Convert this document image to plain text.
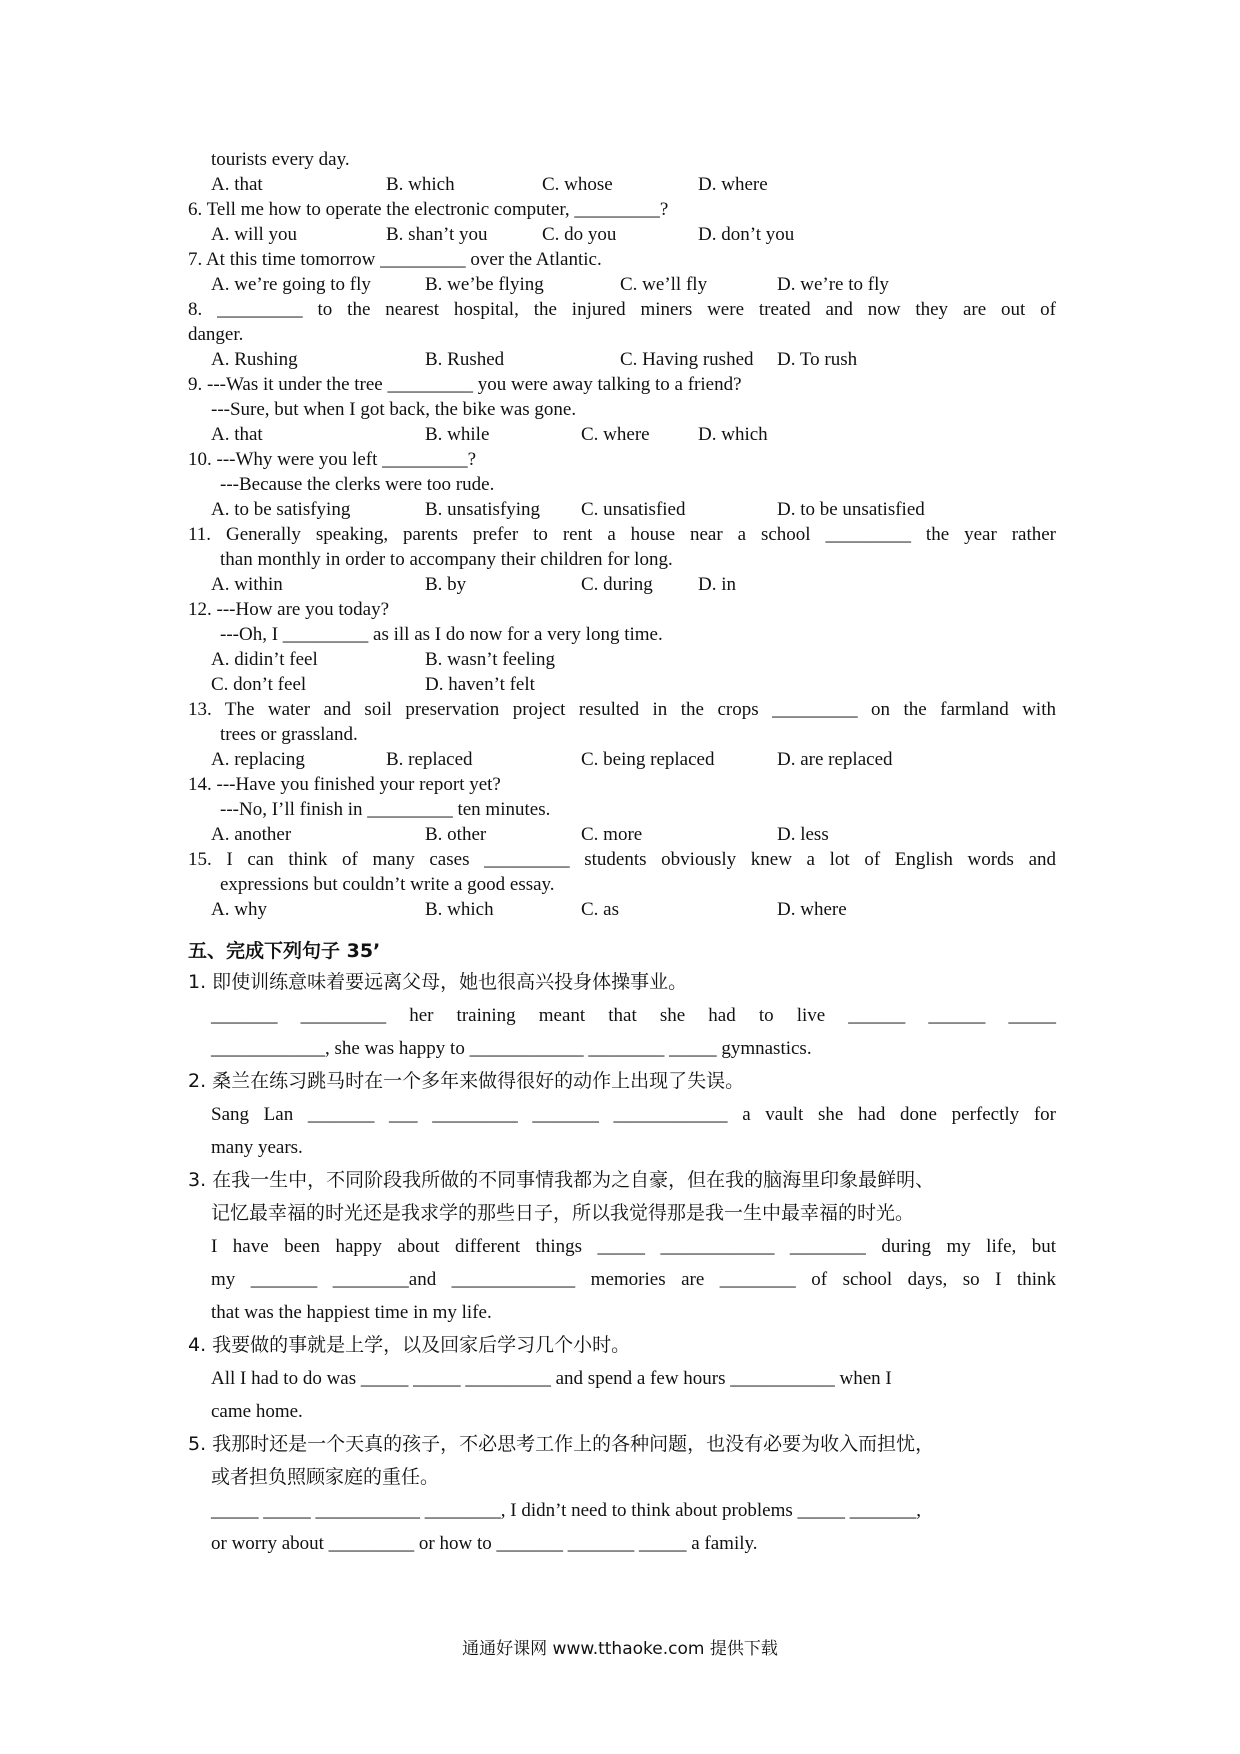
tourists every day.
A. that	B. which	C. whose	D. where
6. Tell me how to operate the electronic computer, _________?
A. will you	B. shan’t you	C. do you	D. don’t you
7. At this time tomorrow _________ over the Atlantic.
A. we’re going to fly	B. we’be flying	C. we’ll fly	D. we’re to fly
8. _________ to the nearest hospital, the injured miners were treated and now they are out of
danger.
A. Rushing	B. Rushed	C. Having rushed D. To rush
9. ---Was it under the tree _________ you were away talking to a friend?
---Sure, but when I got back, the bike was gone.
A. that	B. while	C. where	D. which
10. ---Why were you left _________?
---Because the clerks were too rude.
A. to be satisfying	B. unsatisfying C. unsatisfied	D. to be unsatisfied
11. Generally speaking, parents prefer to rent a house near a school _________ the year rather
than monthly in order to accompany their children for long.
A. within	B. by	C. during D. in
12. ---How are you today?
---Oh, I _________ as ill as I do now for a very long time.
A. didin’t feel	B. wasn’t feeling
C. don’t feel	D. haven’t felt
13. The water and soil preservation project resulted in the crops _________ on the farmland with
trees or grassland.
A. replacing	B. replaced	C. being replaced	D. are replaced
14. ---Have you finished your report yet?
---No, I’ll finish in _________ ten minutes.
A. another	B. other	C. more	D. less
15. I can think of many cases _________ students obviously knew a lot of English words and
expressions but couldn’t write a good essay.
A. why	B. which	C. as	D. where
五、完成下列句子 35’
1. 即使训练意味着要远离父母，她也很高兴投身体操事业。
_______ _________ her training meant that she had to live ______ ______ _____
____________, she was happy to ____________ ________ _____ gymnastics.
2. 桑兰在练习跳马时在一个多年来做得很好的动作上出现了失误。
Sang Lan _______ ___ _________ _______ ____________ a vault she had done perfectly for
many years.
3. 在我一生中，不同阶段我所做的不同事情我都为之自豪，但在我的脑海里印象最鲜明、
记忆最幸福的时光还是我求学的那些日子，所以我觉得那是我一生中最幸福的时光。
I have been happy about different things _____ ____________ ________ during my life, but
my _______ ________and _____________ memories are ________ of school days, so I think
that was the happiest time in my life.
4. 我要做的事就是上学，以及回家后学习几个小时。
All I had to do was _____ _____ _________ and spend a few hours ___________ when I
came home.
5. 我那时还是一个天真的孩子，不必思考工作上的各种问题，也没有必要为收入而担忧，
或者担负照顾家庭的重任。
_____ _____ ___________ ________, I didn’t need to think about problems _____ _______,
or worry about _________ or how to _______ _______ _____ a family.
通通好课网 www.tthaoke.com 提供下载
